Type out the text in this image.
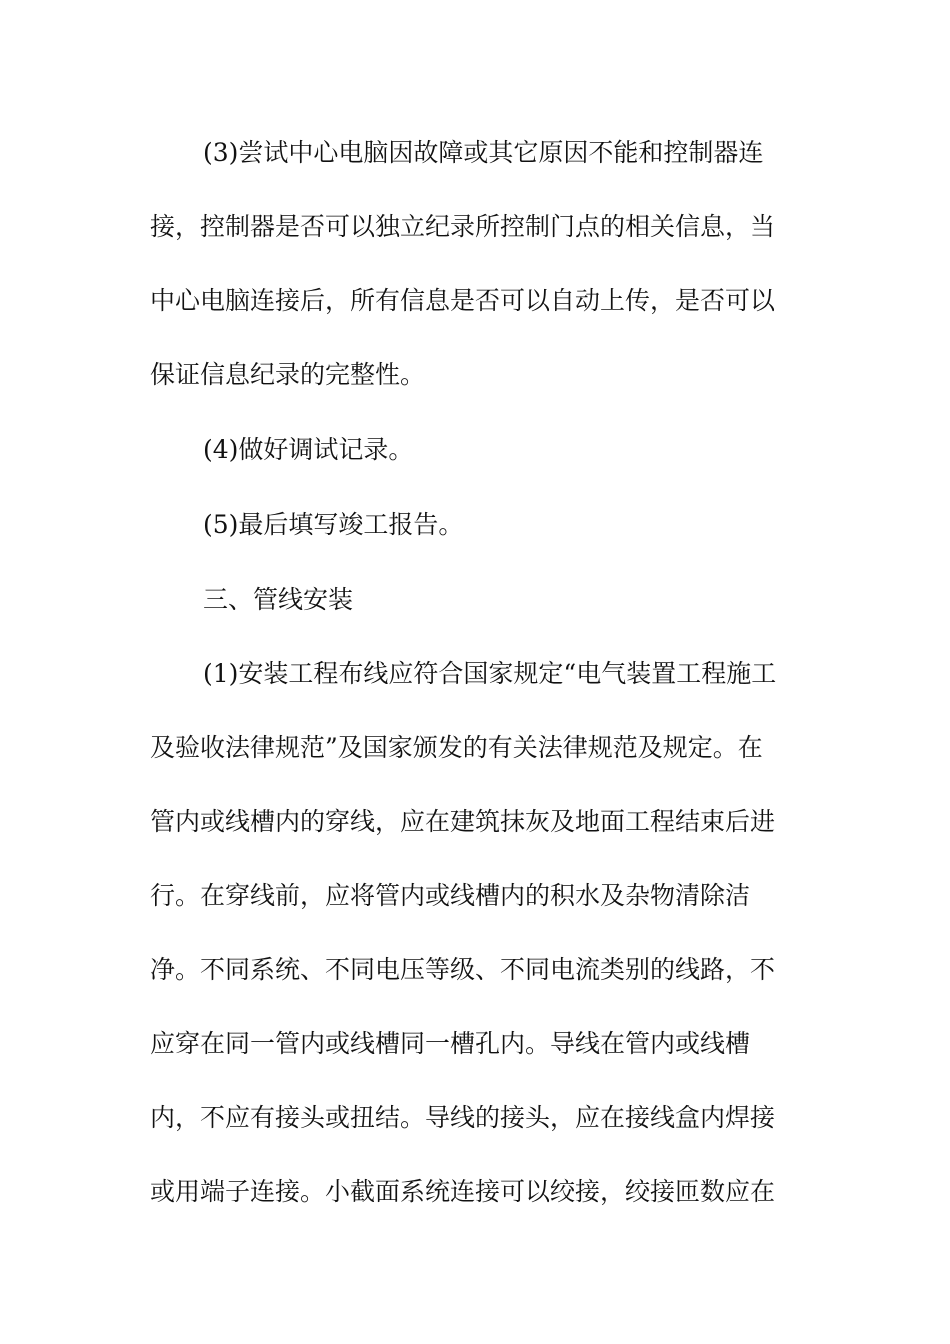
(3)尝试中心电脑因故障或其它原因不能和控制器连
接，控制器是否可以独立纪录所控制门点的相关信息，当
中心电脑连接后，所有信息是否可以自动上传，是否可以
保证信息纪录的完整性。
(4)做好调试记录。
(5)最后填写竣工报告。
三、管线安装
(1)安装工程布线应符合国家规定“电气装置工程施工
及验收法律规范”及国家颁发的有关法律规范及规定。在
管内或线槽内的穿线，应在建筑抹灰及地面工程结束后进
行。在穿线前，应将管内或线槽内的积水及杂物清除洁
净。不同系统、不同电压等级、不同电流类别的线路，不
应穿在同一管内或线槽同一槽孔内。导线在管内或线槽
内，不应有接头或扭结。导线的接头，应在接线盒内焊接
或用端子连接。小截面系统连接可以绞接，绞接匝数应在
